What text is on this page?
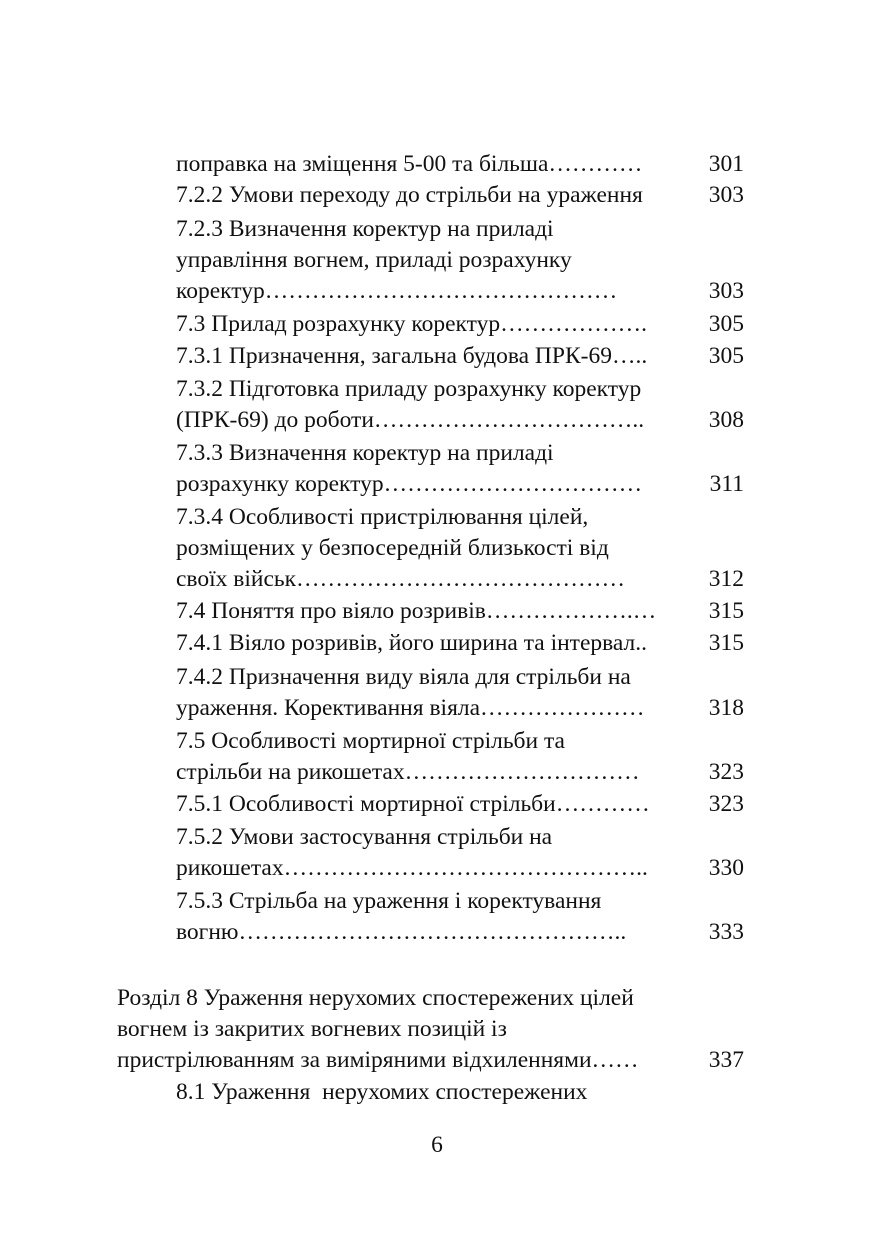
поправка на зміщення 5-00 та більша…………	301
7.2.2 Умови переходу до стрільби на ураження	303
7.2.3 Визначення коректур на приладі
управління вогнем, приладі розрахунку
коректур………………………………………	303
7.3 Прилад розрахунку коректур……………….	305
7.3.1 Призначення, загальна будова ПРК-69…..	305
7.3.2 Підготовка приладу розрахунку коректур
(ПРК-69) до роботи……………………………..	308
7.3.3 Визначення коректур на приладі
розрахунку коректур……………………………	311
7.3.4 Особливості пристрілювання цілей,
розміщених у безпосередній близькості від
своїх військ……………………………………	312
7.4 Поняття про віяло розривів……………….…	315
7.4.1 Віяло розривів, його ширина та інтервал..	315
7.4.2 Призначення виду віяла для стрільби на
ураження. Корективання віяла…………………	318
7.5 Особливості мортирної стрільби та
стрільби на рикошетах…………………………	323
7.5.1 Особливості мортирної стрільби…………	323
7.5.2 Умови застосування стрільби на
рикошетах………………………………………..	330
7.5.3 Стрільба на ураження і коректування
вогню…………………………………………..	333
Розділ 8 Ураження нерухомих спостережених цілей
вогнем із закритих вогневих позицій із
пристрілюванням за виміряними відхиленнями……	337
8.1 Ураження  нерухомих спостережених
6
